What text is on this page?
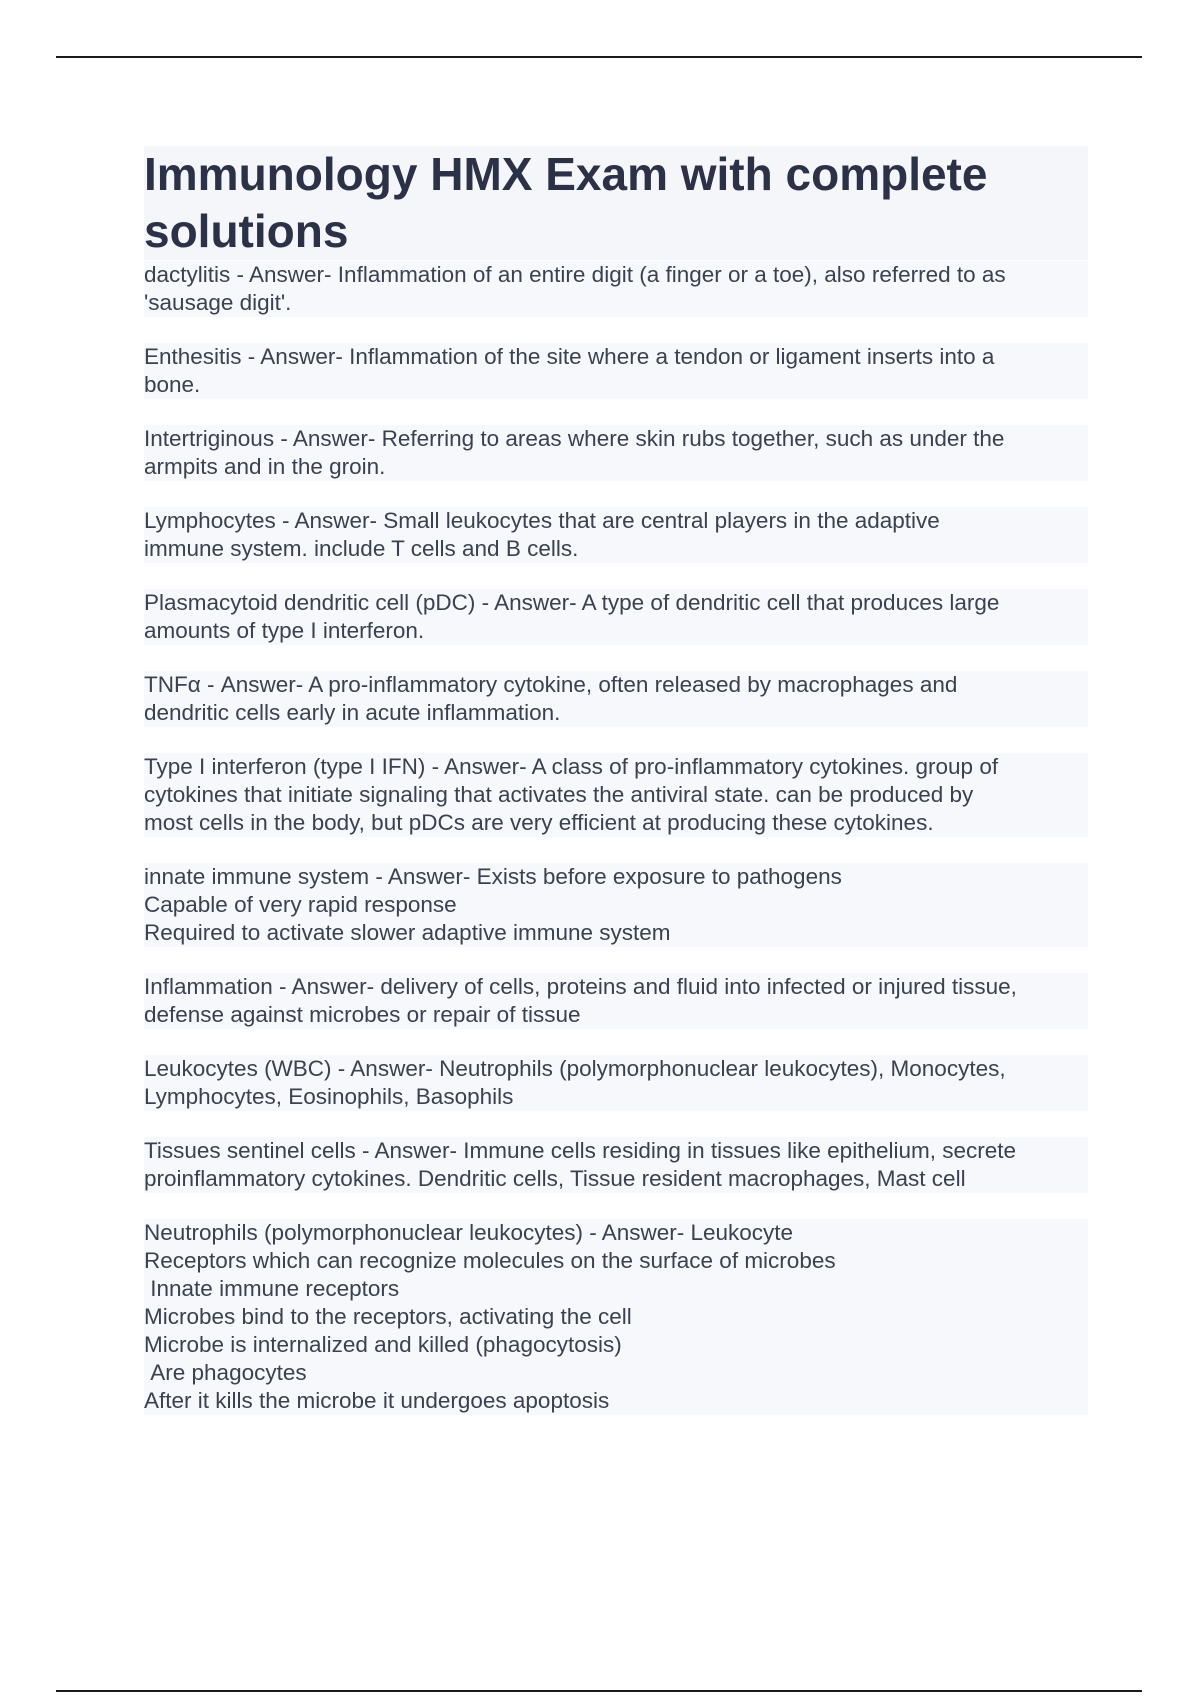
Immunology HMX Exam with complete solutions
dactylitis - Answer- Inflammation of an entire digit (a finger or a toe), also referred to as
'sausage digit'.
Enthesitis - Answer- Inflammation of the site where a tendon or ligament inserts into a
bone.
Intertriginous - Answer- Referring to areas where skin rubs together, such as under the
armpits and in the groin.
Lymphocytes - Answer- Small leukocytes that are central players in the adaptive
immune system. include T cells and B cells.
Plasmacytoid dendritic cell (pDC) - Answer- A type of dendritic cell that produces large
amounts of type I interferon.
TNFα - Answer- A pro-inflammatory cytokine, often released by macrophages and
dendritic cells early in acute inflammation.
Type I interferon (type I IFN) - Answer- A class of pro-inflammatory cytokines. group of
cytokines that initiate signaling that activates the antiviral state. can be produced by
most cells in the body, but pDCs are very efficient at producing these cytokines.
innate immune system - Answer- Exists before exposure to pathogens
Capable of very rapid response
Required to activate slower adaptive immune system
Inflammation - Answer- delivery of cells, proteins and fluid into infected or injured tissue,
defense against microbes or repair of tissue
Leukocytes (WBC) - Answer- Neutrophils (polymorphonuclear leukocytes), Monocytes,
Lymphocytes, Eosinophils, Basophils
Tissues sentinel cells - Answer- Immune cells residing in tissues like epithelium, secrete
proinflammatory cytokines. Dendritic cells, Tissue resident macrophages, Mast cell
Neutrophils (polymorphonuclear leukocytes) - Answer- Leukocyte
Receptors which can recognize molecules on the surface of microbes
Innate immune receptors
Microbes bind to the receptors, activating the cell
Microbe is internalized and killed (phagocytosis)
Are phagocytes
After it kills the microbe it undergoes apoptosis
